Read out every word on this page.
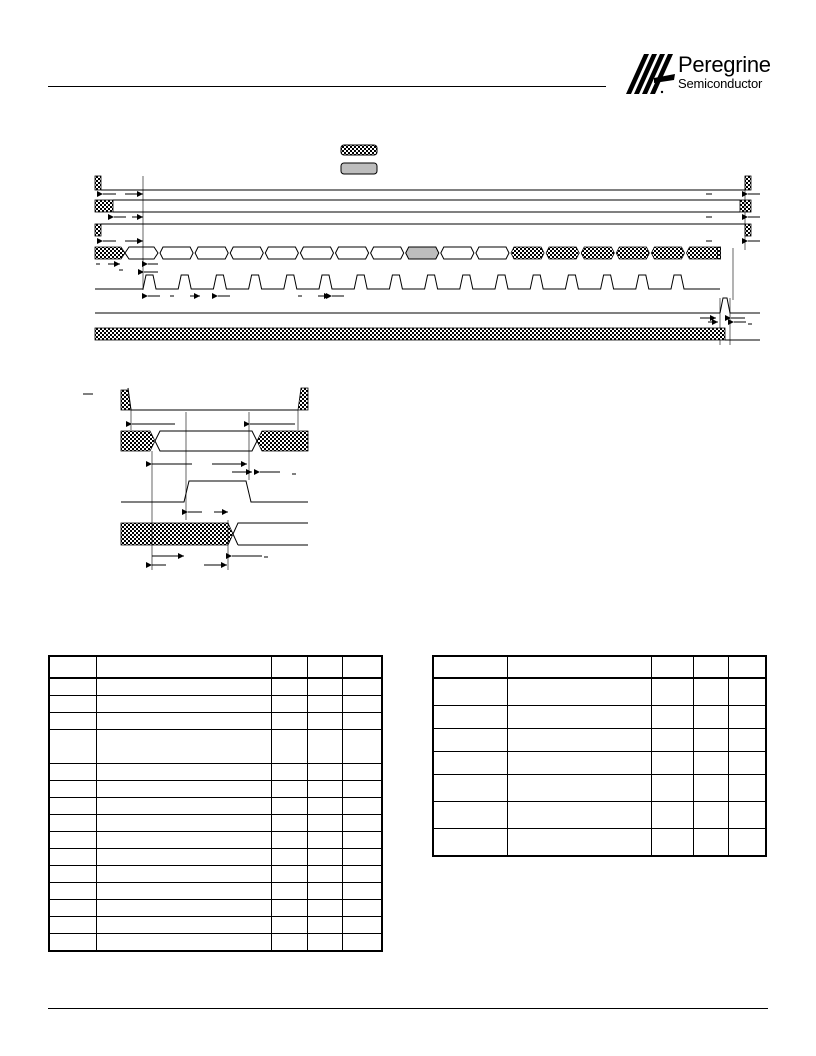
Peregrine
Semiconductor
